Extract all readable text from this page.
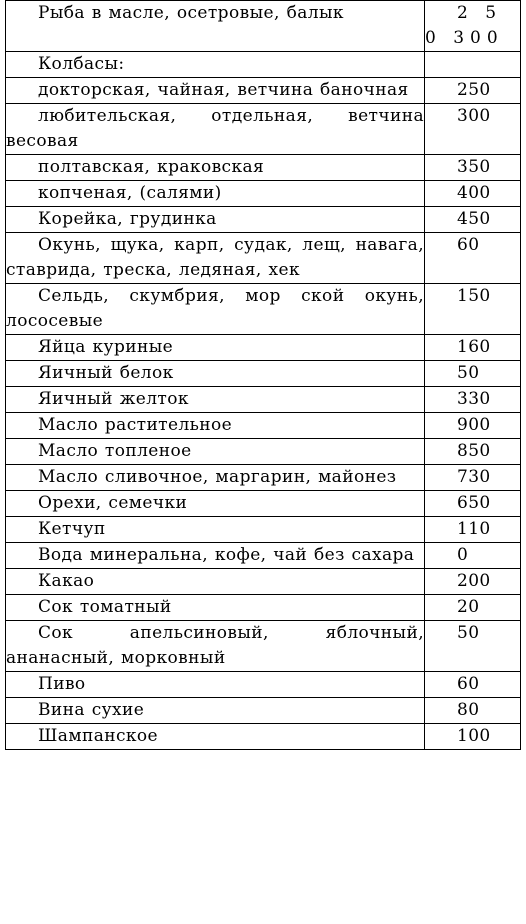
Рыба в масле, осетровые, балык	2 5 0 300
Колбасы:	
докторская, чайная, ветчина баночная	250
любительская, отдельная, ветчина весовая	300
полтавская, краковская	350
копченая, (салями)	400
Корейка, грудинка	450
Окунь, щука, карп, судак, лещ, навага, ставрида, треска, ледяная, хек	60
Сельдь, скумбрия, мор ской окунь, лососевые	150
Яйца куриные	160
Яичный белок	50
Яичный желток	330
Масло растительное	900
Масло топленое	850
Масло сливочное, маргарин, майонез	730
Орехи, семечки	650
Кетчуп	110
Вода минеральна, кофе, чай без сахара	0
Какао	200
Сок томатный	20
Сок апельсиновый, яблочный, ананасный, морковный	50
Пиво	60
Вина сухие	80
Шампанское	100
